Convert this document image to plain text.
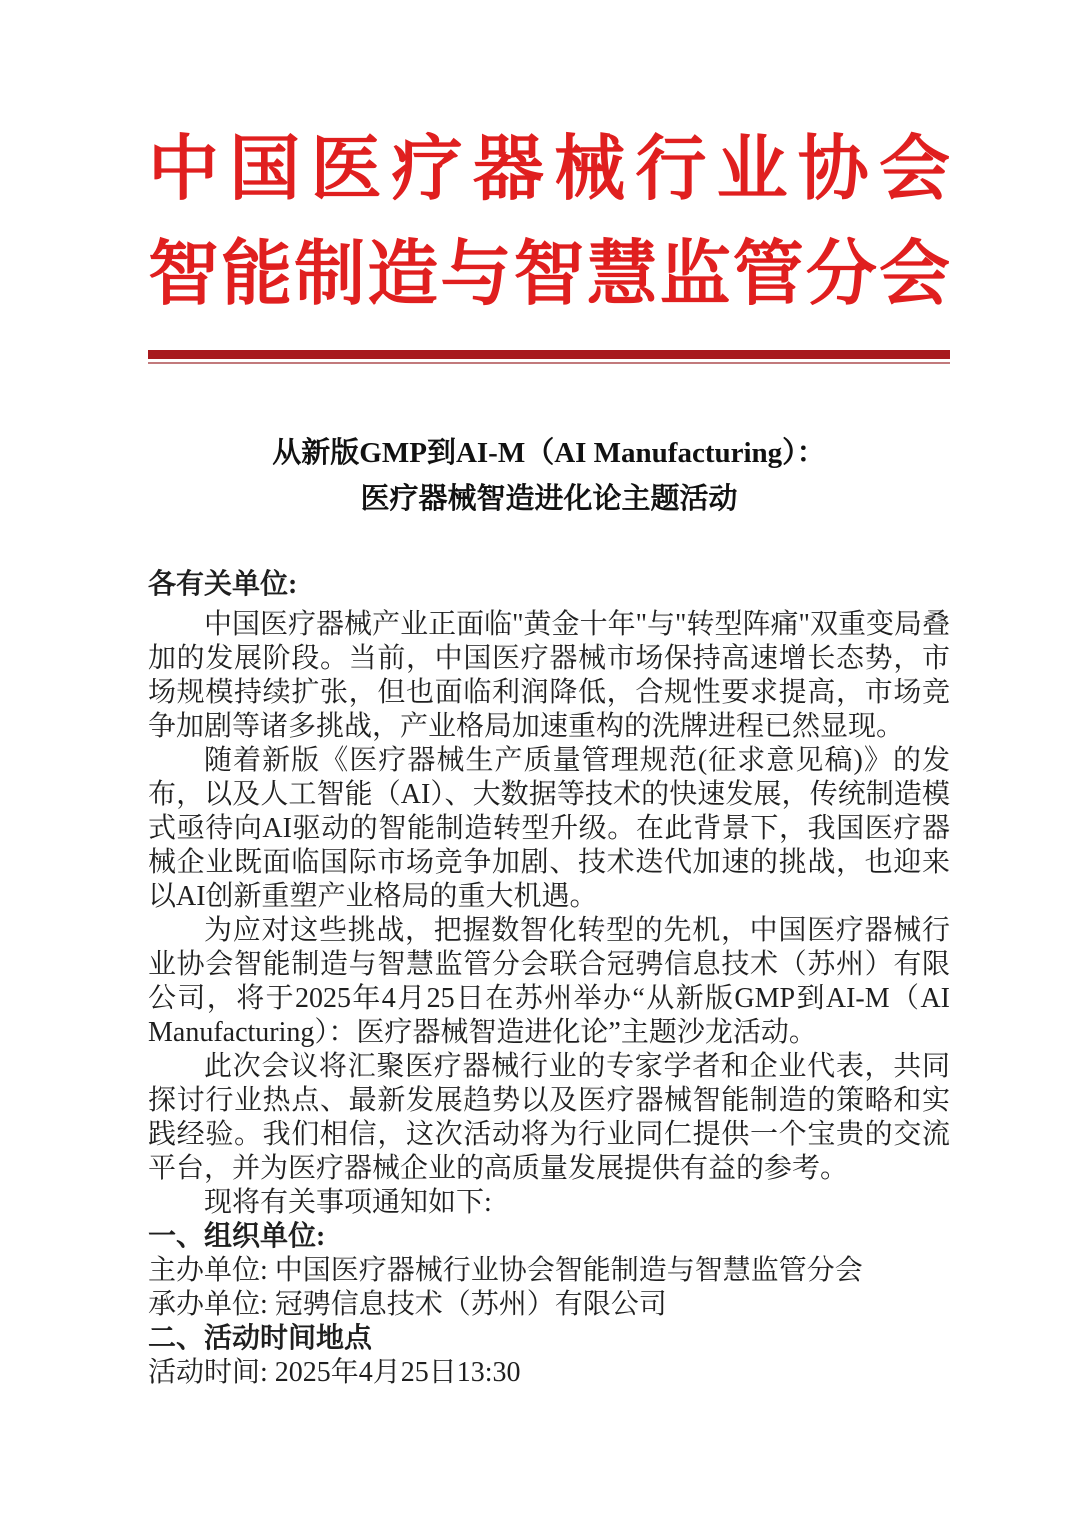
中国医疗器械行业协会
智能制造与智慧监管分会
从新版GMP到AI-M（AI Manufacturing）：
医疗器械智造进化论主题活动

各有关单位:

中国医疗器械产业正面临"黄金十年"与"转型阵痛"双重变局叠加的发展阶段。当前，中国医疗器械市场保持高速增长态势，市场规模持续扩张，但也面临利润降低，合规性要求提高，市场竞争加剧等诸多挑战，产业格局加速重构的洗牌进程已然显现。

随着新版《医疗器械生产质量管理规范(征求意见稿)》的发布，以及人工智能（AI）、大数据等技术的快速发展，传统制造模式亟待向AI驱动的智能制造转型升级。在此背景下，我国医疗器械企业既面临国际市场竞争加剧、技术迭代加速的挑战，也迎来以AI创新重塑产业格局的重大机遇。

为应对这些挑战，把握数智化转型的先机，中国医疗器械行业协会智能制造与智慧监管分会联合冠骋信息技术（苏州）有限公司，将于2025年4月25日在苏州举办“从新版GMP到AI-M（AI Manufacturing）：医疗器械智造进化论”主题沙龙活动。

此次会议将汇聚医疗器械行业的专家学者和企业代表，共同探讨行业热点、最新发展趋势以及医疗器械智能制造的策略和实践经验。我们相信，这次活动将为行业同仁提供一个宝贵的交流平台，并为医疗器械企业的高质量发展提供有益的参考。

现将有关事项通知如下:

一、组织单位:

主办单位: 中国医疗器械行业协会智能制造与智慧监管分会

承办单位: 冠骋信息技术（苏州）有限公司

二、活动时间地点

活动时间: 2025年4月25日13:30
